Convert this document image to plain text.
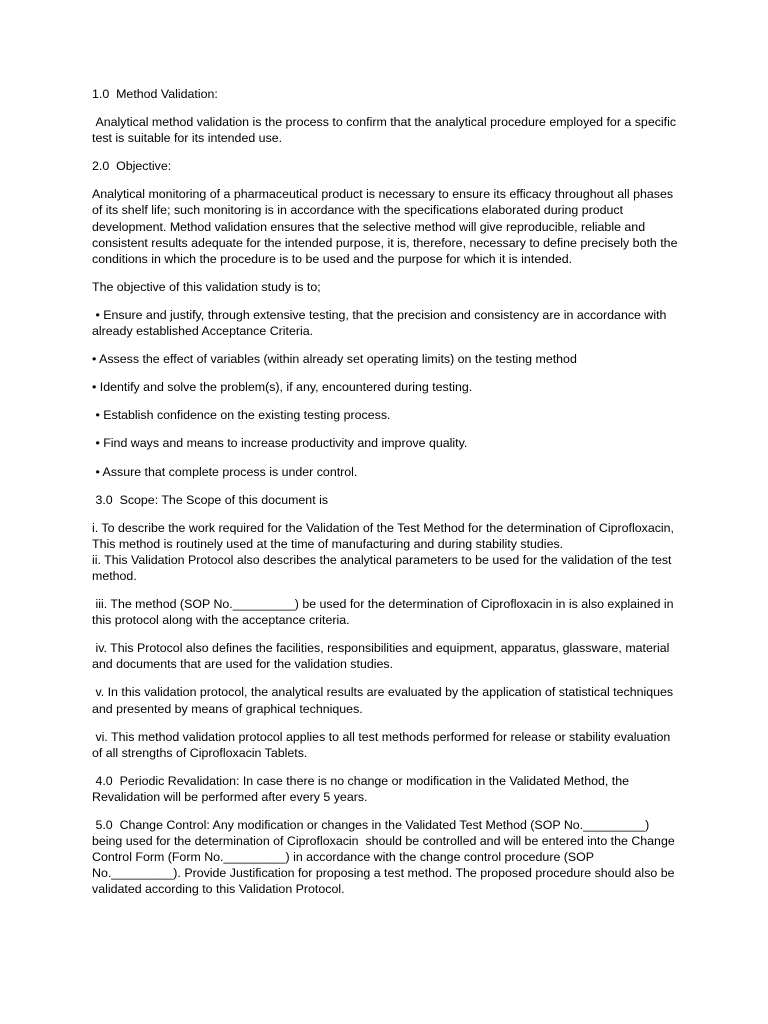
1.0  Method Validation:

Analytical method validation is the process to confirm that the analytical procedure employed for a specific test is suitable for its intended use.

2.0  Objective:

Analytical monitoring of a pharmaceutical product is necessary to ensure its efficacy throughout all phases of its shelf life; such monitoring is in accordance with the specifications elaborated during product development. Method validation ensures that the selective method will give reproducible, reliable and consistent results adequate for the intended purpose, it is, therefore, necessary to define precisely both the conditions in which the procedure is to be used and the purpose for which it is intended.

The objective of this validation study is to;

• Ensure and justify, through extensive testing, that the precision and consistency are in accordance with already established Acceptance Criteria.

• Assess the effect of variables (within already set operating limits) on the testing method

• Identify and solve the problem(s), if any, encountered during testing.

• Establish confidence on the existing testing process.

• Find ways and means to increase productivity and improve quality.

• Assure that complete process is under control.

3.0  Scope: The Scope of this document is

i. To describe the work required for the Validation of the Test Method for the determination of Ciprofloxacin, This method is routinely used at the time of manufacturing and during stability studies.

ii. This Validation Protocol also describes the analytical parameters to be used for the validation of the test method.

iii. The method (SOP No._________) be used for the determination of Ciprofloxacin in is also explained in this protocol along with the acceptance criteria.

iv. This Protocol also defines the facilities, responsibilities and equipment, apparatus, glassware, material and documents that are used for the validation studies.

v. In this validation protocol, the analytical results are evaluated by the application of statistical techniques and presented by means of graphical techniques.

vi. This method validation protocol applies to all test methods performed for release or stability evaluation of all strengths of Ciprofloxacin Tablets.

4.0  Periodic Revalidation: In case there is no change or modification in the Validated Method, the Revalidation will be performed after every 5 years.

5.0  Change Control: Any modification or changes in the Validated Test Method (SOP No._________) being used for the determination of Ciprofloxacin  should be controlled and will be entered into the Change Control Form (Form No._________) in accordance with the change control procedure (SOP No._________). Provide Justification for proposing a test method. The proposed procedure should also be validated according to this Validation Protocol.
